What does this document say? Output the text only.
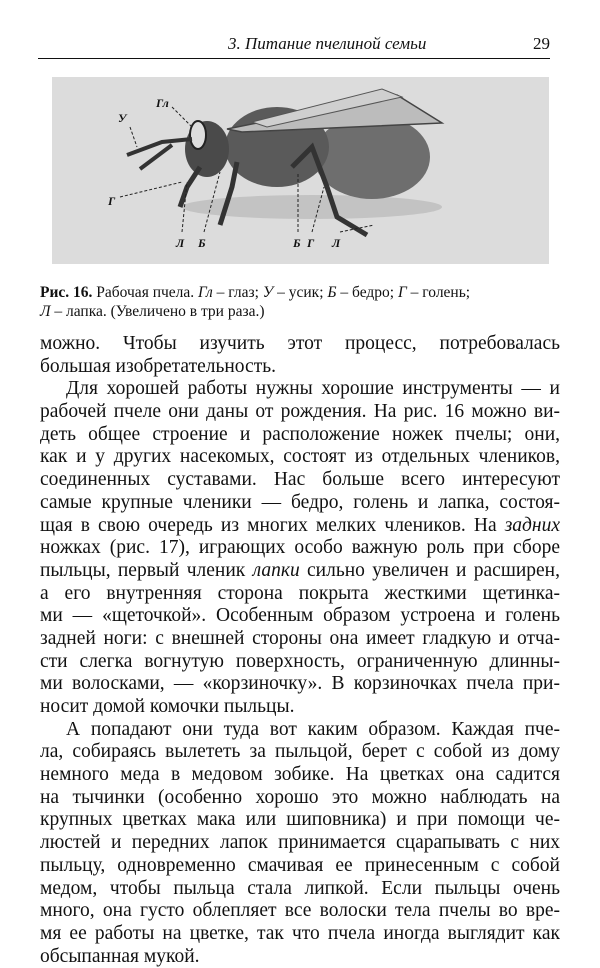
3. Питание пчелиной семьи	29
Гл
У
Г
Л Б	Б Г Л
Рис. 16. Рабочая пчела. Гл – глаз; У – усик; Б – бедро; Г – голень;
Л – лапка. (Увеличено в три раза.)
можно. Чтобы изучить этот процесс, потребовалась
большая изобретательность.
Для хорошей работы нужны хорошие инструменты — и
рабочей пчеле они даны от рождения. На рис. 16 можно ви-
деть общее строение и расположение ножек пчелы; они,
как и у других насекомых, состоят из отдельных члеников,
соединенных суставами. Нас больше всего интересуют
самые крупные членики — бедро, голень и лапка, состоя-
щая в свою очередь из многих мелких члеников. На задних
ножках (рис. 17), играющих особо важную роль при сборе
пыльцы, первый членик лапки сильно увеличен и расширен,
а его внутренняя сторона покрыта жесткими щетинка-
ми — «щеточкой». Особенным образом устроена и голень
задней ноги: с внешней стороны она имеет гладкую и отча-
сти слегка вогнутую поверхность, ограниченную длинны-
ми волосками, — «корзиночку». В корзиночках пчела при-
носит домой комочки пыльцы.
А попадают они туда вот каким образом. Каждая пче-
ла, собираясь вылететь за пыльцой, берет с собой из дому
немного меда в медовом зобике. На цветках она садится
на тычинки (особенно хорошо это можно наблюдать на
крупных цветках мака или шиповника) и при помощи че-
люстей и передних лапок принимается сцарапывать с них
пыльцу, одновременно смачивая ее принесенным с собой
медом, чтобы пыльца стала липкой. Если пыльцы очень
много, она густо облепляет все волоски тела пчелы во вре-
мя ее работы на цветке, так что пчела иногда выглядит как
обсыпанная мукой.
